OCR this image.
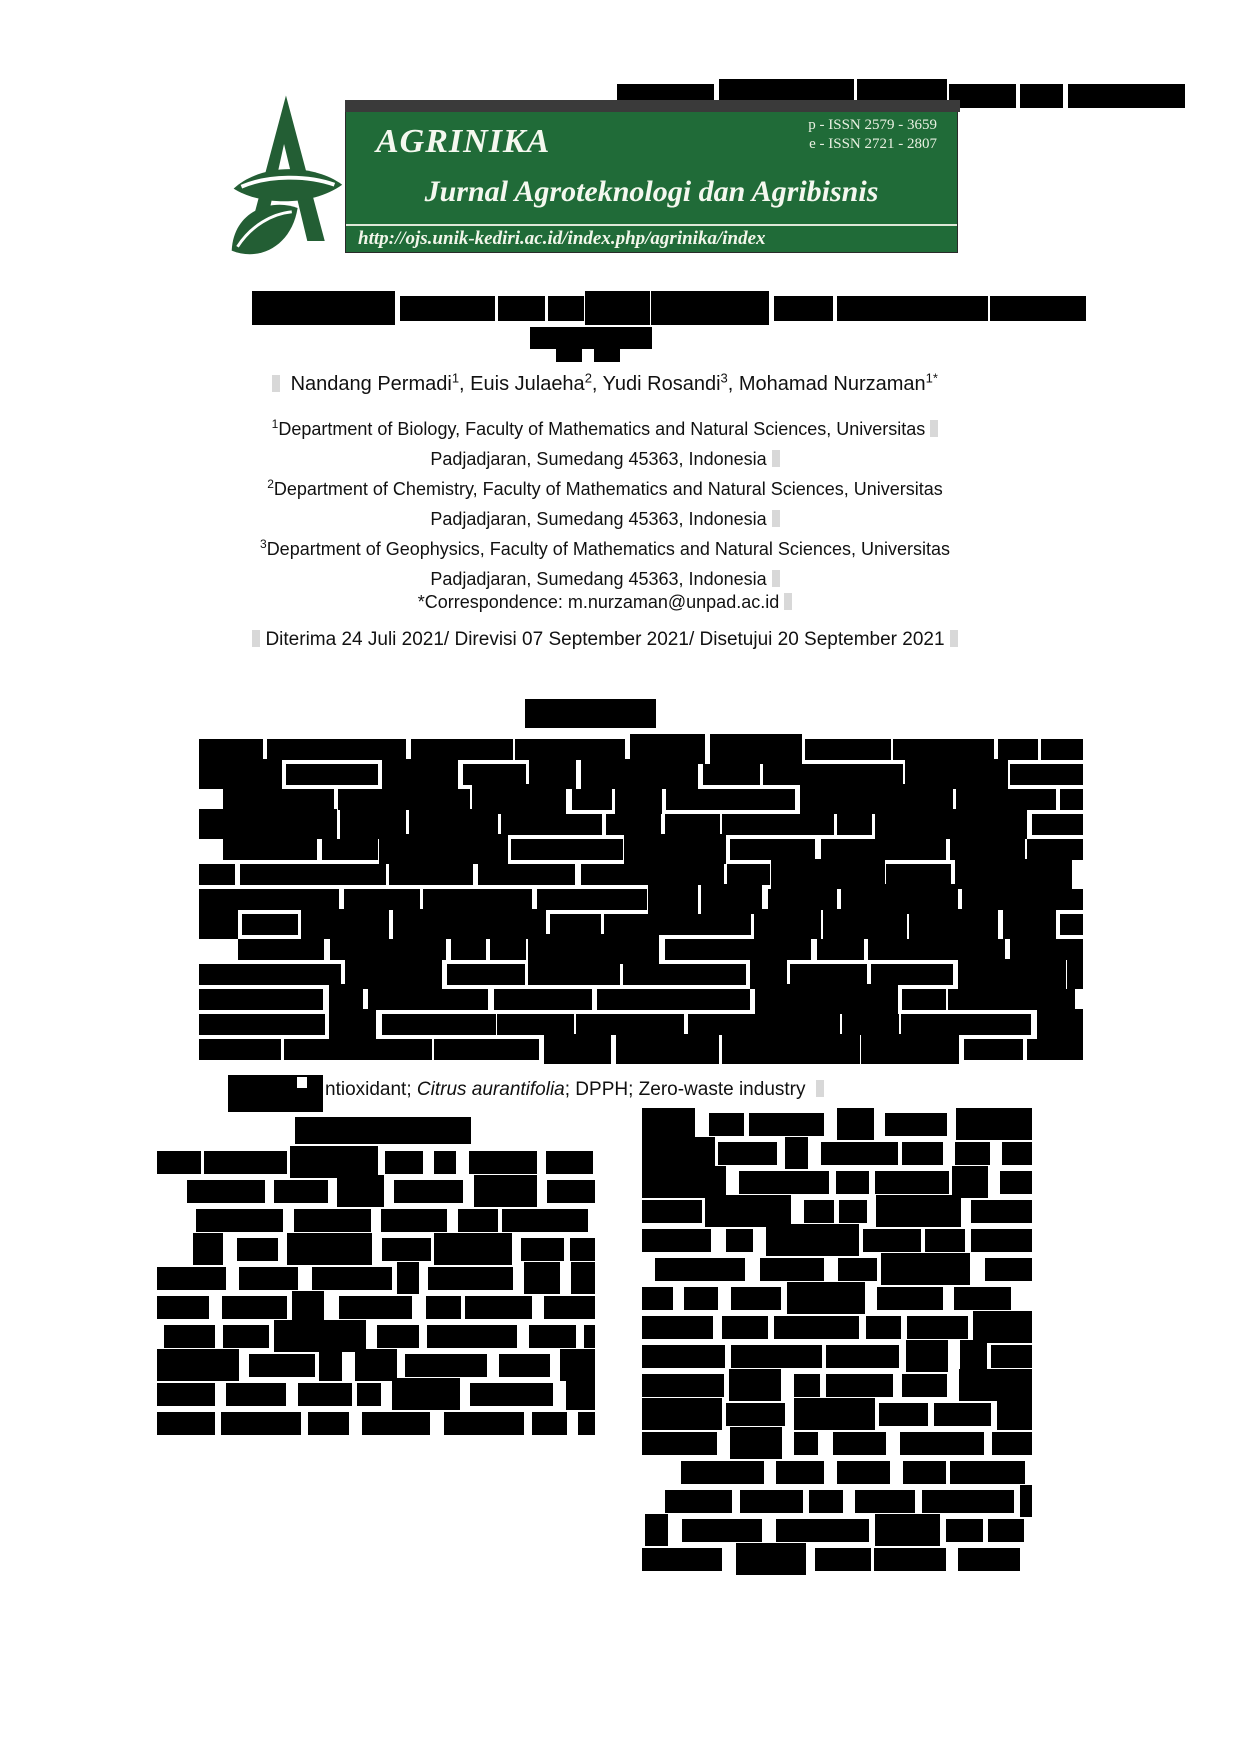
AGRINIKA	p - ISSN 2579 - 3659
e - ISSN 2721 - 2807
Jurnal Agroteknologi dan Agribisnis
http://ojs.unik-kediri.ac.id/index.php/agrinika/index
Nandang Permadi$^1$, Euis Julaeha$^2$, Yudi Rosandi$^3$, Mohamad Nurzaman$^{1*}$
$^1$Department of Biology, Faculty of Mathematics and Natural Sciences, Universitas
Padjadjaran, Sumedang 45363, Indonesia
$^2$Department of Chemistry, Faculty of Mathematics and Natural Sciences, Universitas
Padjadjaran, Sumedang 45363, Indonesia
$^3$Department of Geophysics, Faculty of Mathematics and Natural Sciences, Universitas
Padjadjaran, Sumedang 45363, Indonesia
*Correspondence: m.nurzaman@unpad.ac.id
Diterima 24 Juli 2021/ Direvisi 07 September 2021/ Disetujui 20 September 2021
ntioxidant; Citrus aurantifolia; DPPH; Zero-waste industry
